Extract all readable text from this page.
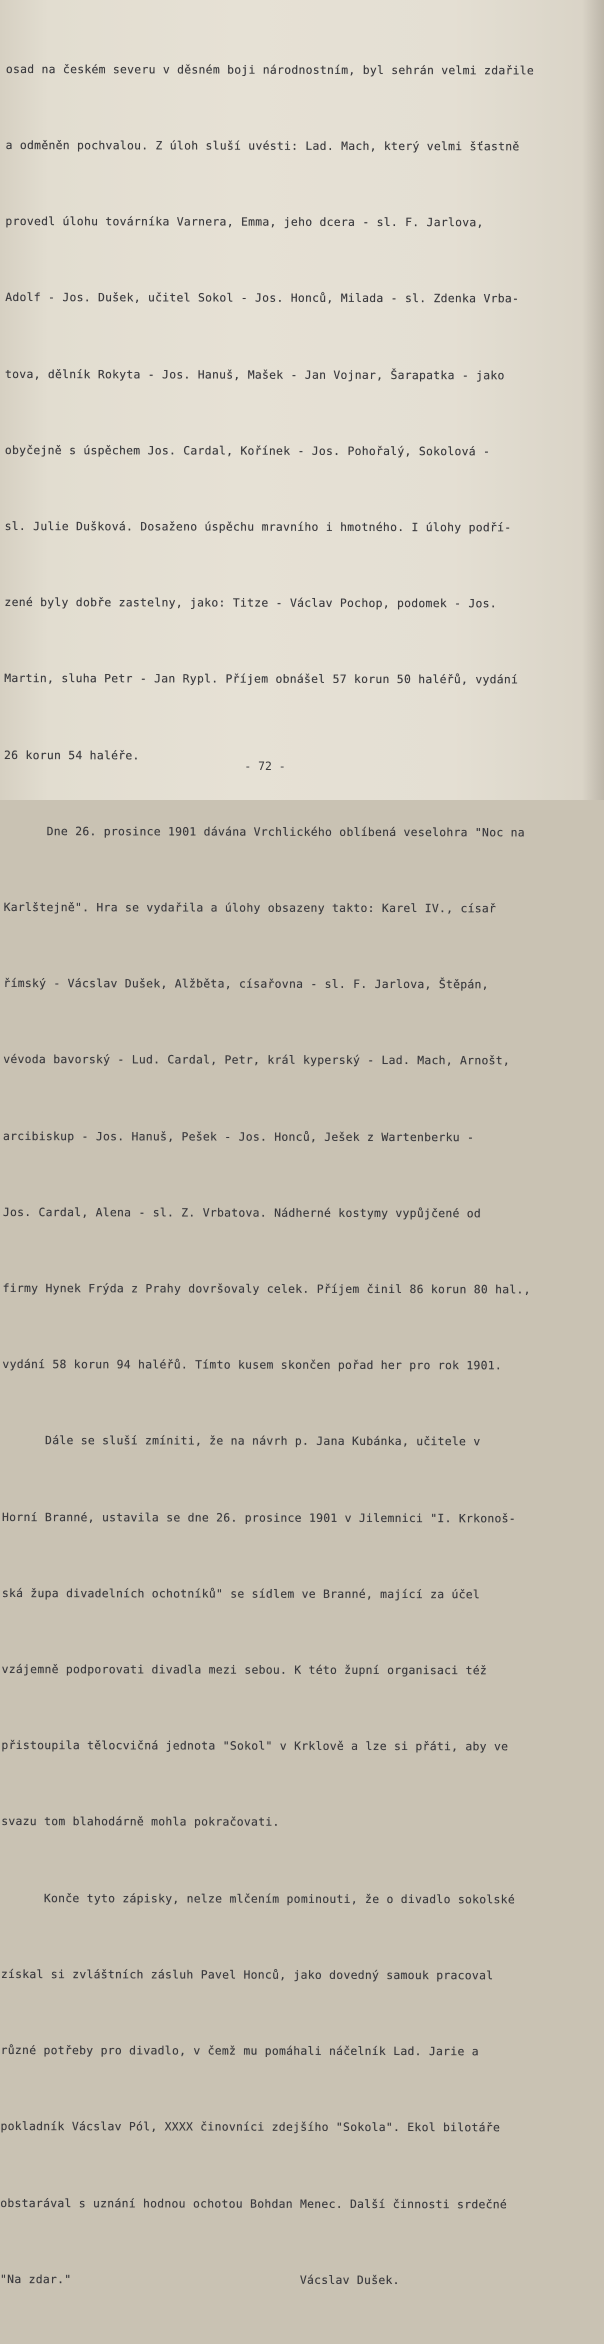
osad na českém severu v děsném boji národnostním, byl sehrán velmi zdařile

a odměněn pochvalou. Z úloh sluší uvésti: Lad. Mach, který velmi šťastně

provedl úlohu továrníka Varnera, Emma, jeho dcera - sl. F. Jarlova,

Adolf - Jos. Dušek, učitel Sokol - Jos. Honců, Milada - sl. Zdenka Vrba-

tova, dělník Rokyta - Jos. Hanuš, Mašek - Jan Vojnar, Šarapatka - jako

obyčejně s úspěchem Jos. Cardal, Kořínek - Jos. Pohořalý, Sokolová -

sl. Julie Dušková. Dosaženo úspěchu mravního i hmotného. I úlohy podří-

zené byly dobře zastelny, jako: Titze - Václav Pochop, podomek - Jos.

Martin, sluha Petr - Jan Rypl. Příjem obnášel 57 korun 50 haléřů, vydání

26 korun 54 haléře.

Dne 26. prosince 1901 dávána Vrchlického oblíbená veselohra "Noc na

Karlštejně". Hra se vydařila a úlohy obsazeny takto: Karel IV., císař

římský - Vácslav Dušek, Alžběta, císařovna - sl. F. Jarlova, Štěpán,

vévoda bavorský - Lud. Cardal, Petr, král kyperský - Lad. Mach, Arnošt,

arcibiskup - Jos. Hanuš, Pešek - Jos. Honců, Ješek z Wartenberku -

Jos. Cardal, Alena - sl. Z. Vrbatova. Nádherné kostymy vypůjčené od

firmy Hynek Frýda z Prahy dovršovaly celek. Příjem činil 86 korun 80 hal.,

vydání 58 korun 94 haléřů. Tímto kusem skončen pořad her pro rok 1901.

Dále se sluší zmíniti, že na návrh p. Jana Kubánka, učitele v

Horní Branné, ustavila se dne 26. prosince 1901 v Jilemnici "I. Krkonoš-

ská župa divadelních ochotníků" se sídlem ve Branné, mající za účel

vzájemně podporovati divadla mezi sebou. K této župní organisaci též

přistoupila tělocvičná jednota "Sokol" v Krklově a lze si přáti, aby ve

svazu tom blahodárně mohla pokračovati.

Konče tyto zápisky, nelze mlčením pominouti, že o divadlo sokolské

získal si zvláštních zásluh Pavel Honců, jako dovedný samouk pracoval

různé potřeby pro divadlo, v čemž mu pomáhali náčelník Lad. Jarie a

pokladník Vácslav Pól, XXXX činovníci zdejšího "Sokola". Ekol bilotáře

obstarával s uznání hodnou ochotou Bohdan Menec. Další činnosti srdečné

"Na zdar."                                Vácslav Dušek.

- 72 -
